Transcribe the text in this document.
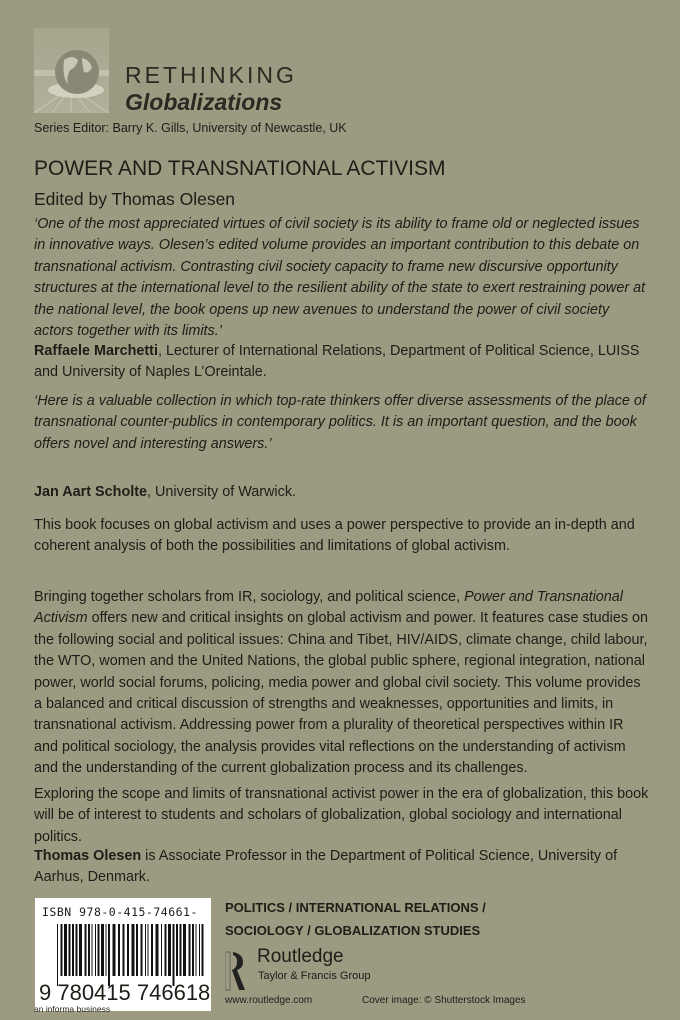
RETHINKING
Globalizations
Series Editor: Barry K. Gills, University of Newcastle, UK
POWER AND TRANSNATIONAL ACTIVISM
Edited by Thomas Olesen
‘One of the most appreciated virtues of civil society is its ability to frame old or neglected issues in innovative ways. Olesen’s edited volume provides an important contribution to this debate on transnational activism. Contrasting civil society capacity to frame new discursive opportunity structures at the international level to the resilient ability of the state to exert restraining power at the national level, the book opens up new avenues to understand the power of civil society actors together with its limits.’
Raffaele Marchetti, Lecturer of International Relations, Department of Political Science, LUISS and University of Naples L’Oreintale.
‘Here is a valuable collection in which top-rate thinkers offer diverse assessments of the place of transnational counter-publics in contemporary politics. It is an important question, and the book offers novel and interesting answers.’
Jan Aart Scholte, University of Warwick.
This book focuses on global activism and uses a power perspective to provide an in-depth and coherent analysis of both the possibilities and limitations of global activism.
Bringing together scholars from IR, sociology, and political science, Power and Transnational Activism offers new and critical insights on global activism and power. It features case studies on the following social and political issues: China and Tibet, HIV/AIDS, climate change, child labour, the WTO, women and the United Nations, the global public sphere, regional integration, national power, world social forums, policing, media power and global civil society. This volume provides a balanced and critical discussion of strengths and weaknesses, opportunities and limits, in transnational activism. Addressing power from a plurality of theoretical perspectives within IR and political sociology, the analysis provides vital reflections on the understanding of activism and the understanding of the current globalization process and its challenges.
Exploring the scope and limits of transnational activist power in the era of globalization, this book will be of interest to students and scholars of globalization, global sociology and international politics.
Thomas Olesen is Associate Professor in the Department of Political Science, University of Aarhus, Denmark.
ISBN 978-0-415-74661-
9 780415 746618
POLITICS / INTERNATIONAL RELATIONS /
SOCIOLOGY / GLOBALIZATION STUDIES
Routledge
Taylor & Francis Group
www.routledge.com	Cover image: © Shutterstock Images
an informa business
